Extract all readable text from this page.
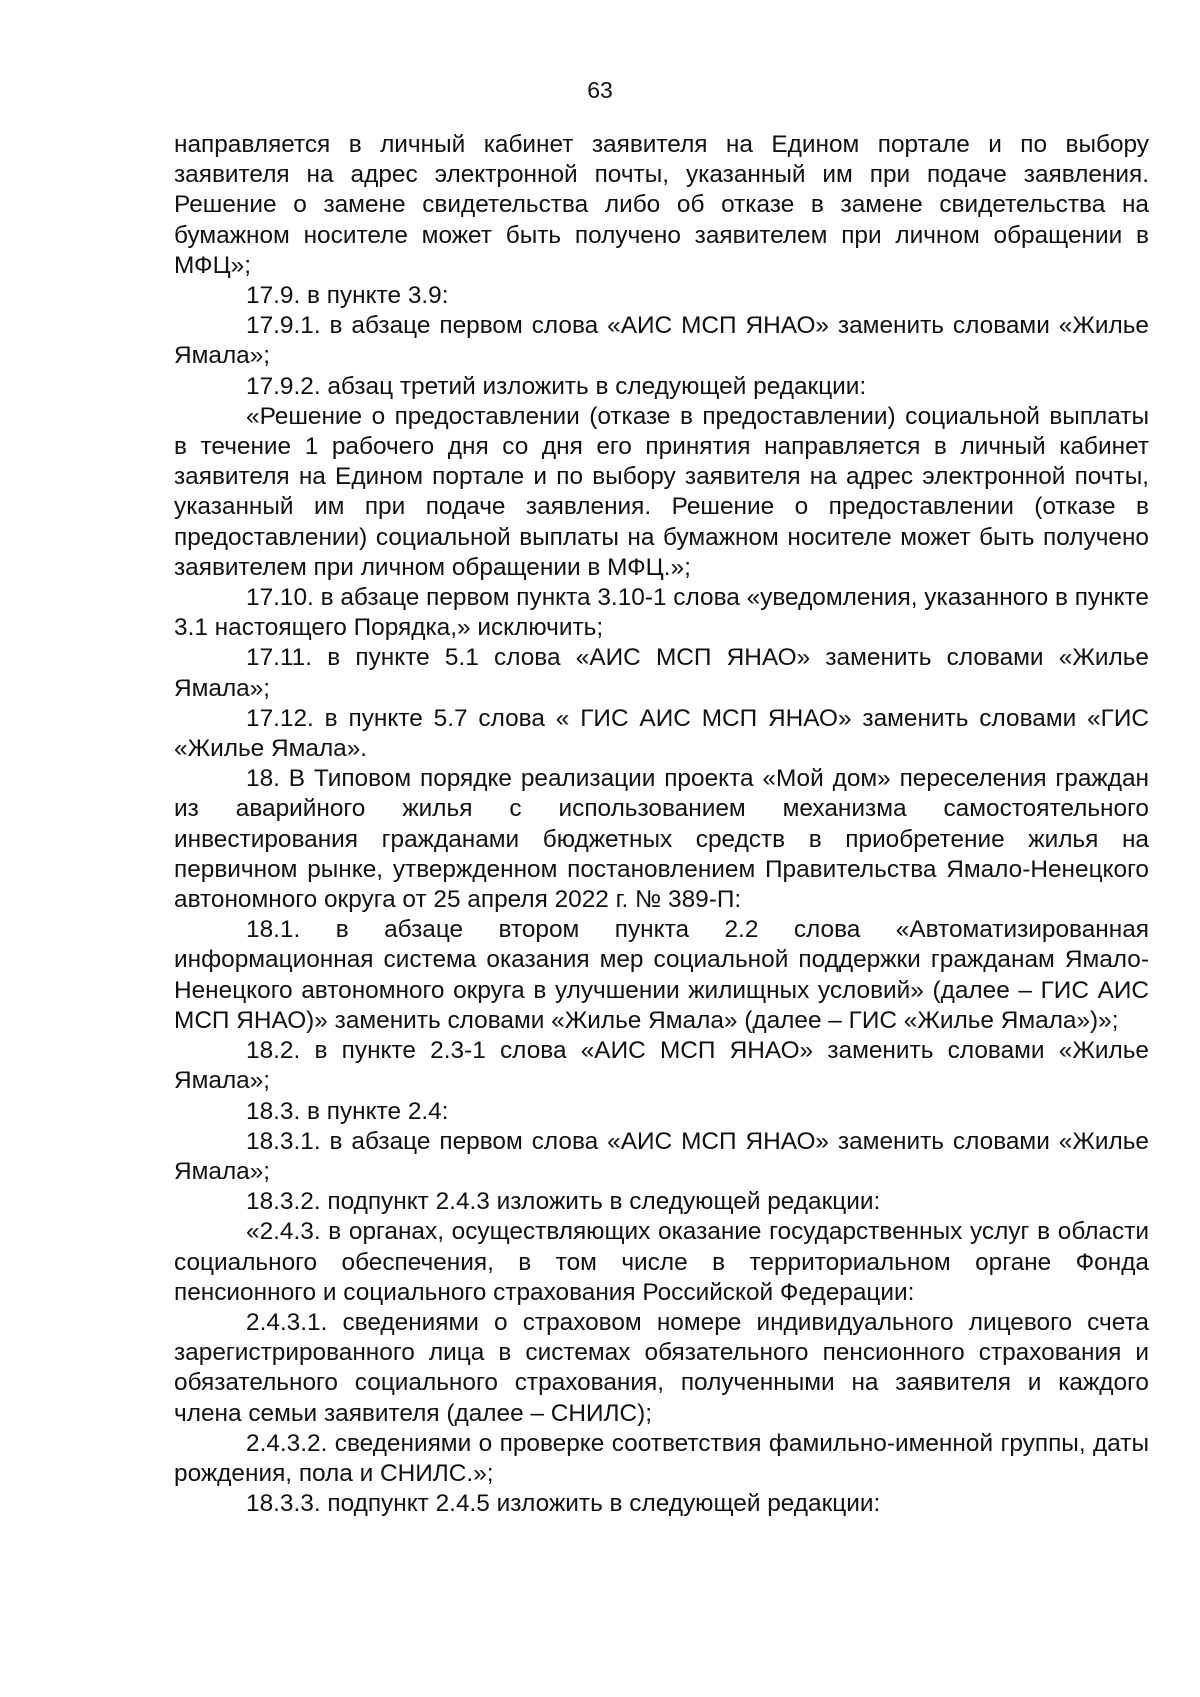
63

направляется в личный кабинет заявителя на Едином портале и по выбору заявителя на адрес электронной почты, указанный им при подаче заявления. Решение о замене свидетельства либо об отказе в замене свидетельства на бумажном носителе может быть получено заявителем при личном обращении в МФЦ»;

17.9. в пункте 3.9:

17.9.1. в абзаце первом слова «АИС МСП ЯНАО» заменить словами «Жилье Ямала»;

17.9.2. абзац третий изложить в следующей редакции:

«Решение о предоставлении (отказе в предоставлении) социальной выплаты в течение 1 рабочего дня со дня его принятия направляется в личный кабинет заявителя на Едином портале и по выбору заявителя на адрес электронной почты, указанный им при подаче заявления. Решение о предоставлении (отказе в предоставлении) социальной выплаты на бумажном носителе может быть получено заявителем при личном обращении в МФЦ.»;

17.10. в абзаце первом пункта 3.10-1 слова «уведомления, указанного в пункте 3.1 настоящего Порядка,» исключить;

17.11. в пункте 5.1 слова «АИС МСП ЯНАО» заменить словами «Жилье Ямала»;

17.12. в пункте 5.7 слова « ГИС АИС МСП ЯНАО» заменить словами «ГИС «Жилье Ямала».

18. В Типовом порядке реализации проекта «Мой дом» переселения граждан из аварийного жилья с использованием механизма самостоятельного инвестирования гражданами бюджетных средств в приобретение жилья на первичном рынке, утвержденном постановлением Правительства Ямало-Ненецкого автономного округа от 25 апреля 2022 г. № 389-П:

18.1. в абзаце втором пункта 2.2 слова «Автоматизированная информационная система оказания мер социальной поддержки гражданам Ямало-Ненецкого автономного округа в улучшении жилищных условий» (далее – ГИС АИС МСП ЯНАО)» заменить словами «Жилье Ямала» (далее – ГИС «Жилье Ямала»)»;

18.2. в пункте 2.3-1 слова «АИС МСП ЯНАО» заменить словами «Жилье Ямала»;

18.3. в пункте 2.4:

18.3.1. в абзаце первом слова «АИС МСП ЯНАО» заменить словами «Жилье Ямала»;

18.3.2. подпункт 2.4.3 изложить в следующей редакции:

«2.4.3. в органах, осуществляющих оказание государственных услуг в области социального обеспечения, в том числе в территориальном органе Фонда пенсионного и социального страхования Российской Федерации:

2.4.3.1. сведениями о страховом номере индивидуального лицевого счета зарегистрированного лица в системах обязательного пенсионного страхования и обязательного социального страхования, полученными на заявителя и каждого члена семьи заявителя (далее – СНИЛС);

2.4.3.2. сведениями о проверке соответствия фамильно-именной группы, даты рождения, пола и СНИЛС.»;

18.3.3. подпункт 2.4.5 изложить в следующей редакции:
